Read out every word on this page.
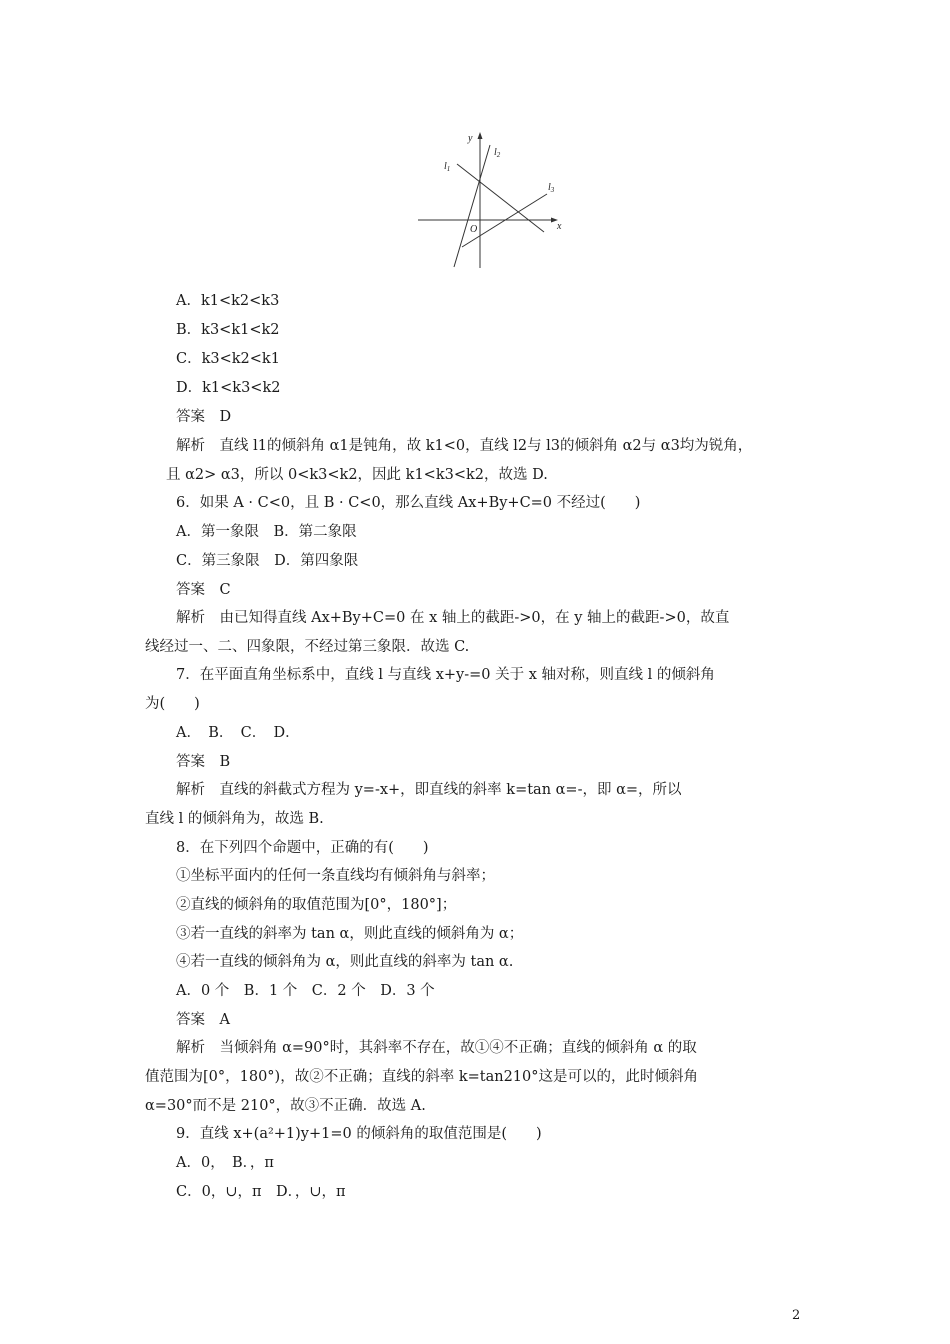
y
x
O
$l_1$
$l_2$
$l_3$
A．k1<k2<k3
B．k3<k1<k2
C．k3<k2<k1
D．k1<k3<k2
答案　D
解析　直线 l1的倾斜角 α1是钝角，故 k1<0，直线 l2与 l3的倾斜角 α2与 α3均为锐角，
且 α2> α3，所以 0<k3<k2，因此 k1<k3<k2，故选 D.
6．如果 A · C<0，且 B · C<0，那么直线 Ax+By+C=0 不经过(　　)
A．第一象限　B．第二象限
C．第三象限　D．第四象限
答案　C
解析　由已知得直线 Ax+By+C=0 在 x 轴上的截距->0，在 y 轴上的截距->0，故直
线经过一、二、四象限，不经过第三象限．故选 C.
7．在平面直角坐标系中，直线 l 与直线 x+y-=0 关于 x 轴对称，则直线 l 的倾斜角
为(　　)
A．　B．　C．　D．
答案　B
解析　直线的斜截式方程为 y=-x+，即直线的斜率 k=tan α=-，即 α=，所以
直线 l 的倾斜角为，故选 B.
8．在下列四个命题中，正确的有(　　)
①坐标平面内的任何一条直线均有倾斜角与斜率；
②直线的倾斜角的取值范围为[0°，180°]；
③若一直线的斜率为 tan α，则此直线的倾斜角为 α；
④若一直线的倾斜角为 α，则此直线的斜率为 tan α.
A．0 个　B．1 个　C．2 个　D．3 个
答案　A
解析　当倾斜角 α=90°时，其斜率不存在，故①④不正确；直线的倾斜角 α 的取
值范围为[0°，180°)，故②不正确；直线的斜率 k=tan210°这是可以的，此时倾斜角
α=30°而不是 210°，故③不正确．故选 A.
9．直线 x+(a²+1)y+1=0 的倾斜角的取值范围是(　　)
A．0，　B．，π
C．0，∪，π　D．，∪，π
2
